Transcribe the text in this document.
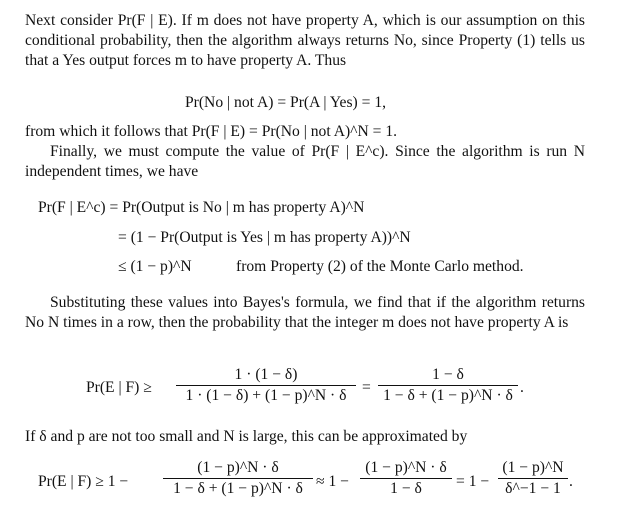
Next consider Pr(F | E). If m does not have property A, which is our assumption on this conditional probability, then the algorithm always returns No, since Property (1) tells us that a Yes output forces m to have property A. Thus
Pr(No | not A) = Pr(A | Yes) = 1,
from which it follows that Pr(F | E) = Pr(No | not A)^N = 1.
Finally, we must compute the value of Pr(F | E^c). Since the algorithm is run N independent times, we have
Pr(F | E^c) = Pr(Output is No | m has property A)^N
= (1 − Pr(Output is Yes | m has property A))^N
≤ (1 − p)^N	from Property (2) of the Monte Carlo method.
Substituting these values into Bayes's formula, we find that if the algorithm returns No N times in a row, then the probability that the integer m does not have property A is
Pr(E | F) ≥
1 · (1 − δ)
1 · (1 − δ) + (1 − p)^N · δ =
1 − δ
1 − δ + (1 − p)^N · δ .
If δ and p are not too small and N is large, this can be approximated by
Pr(E | F) ≥ 1 −
(1 − p)^N · δ
1 − δ + (1 − p)^N · δ ≈ 1 −
(1 − p)^N · δ
1 − δ	= 1 −
(1 − p)^N
δ^−1 − 1 .
